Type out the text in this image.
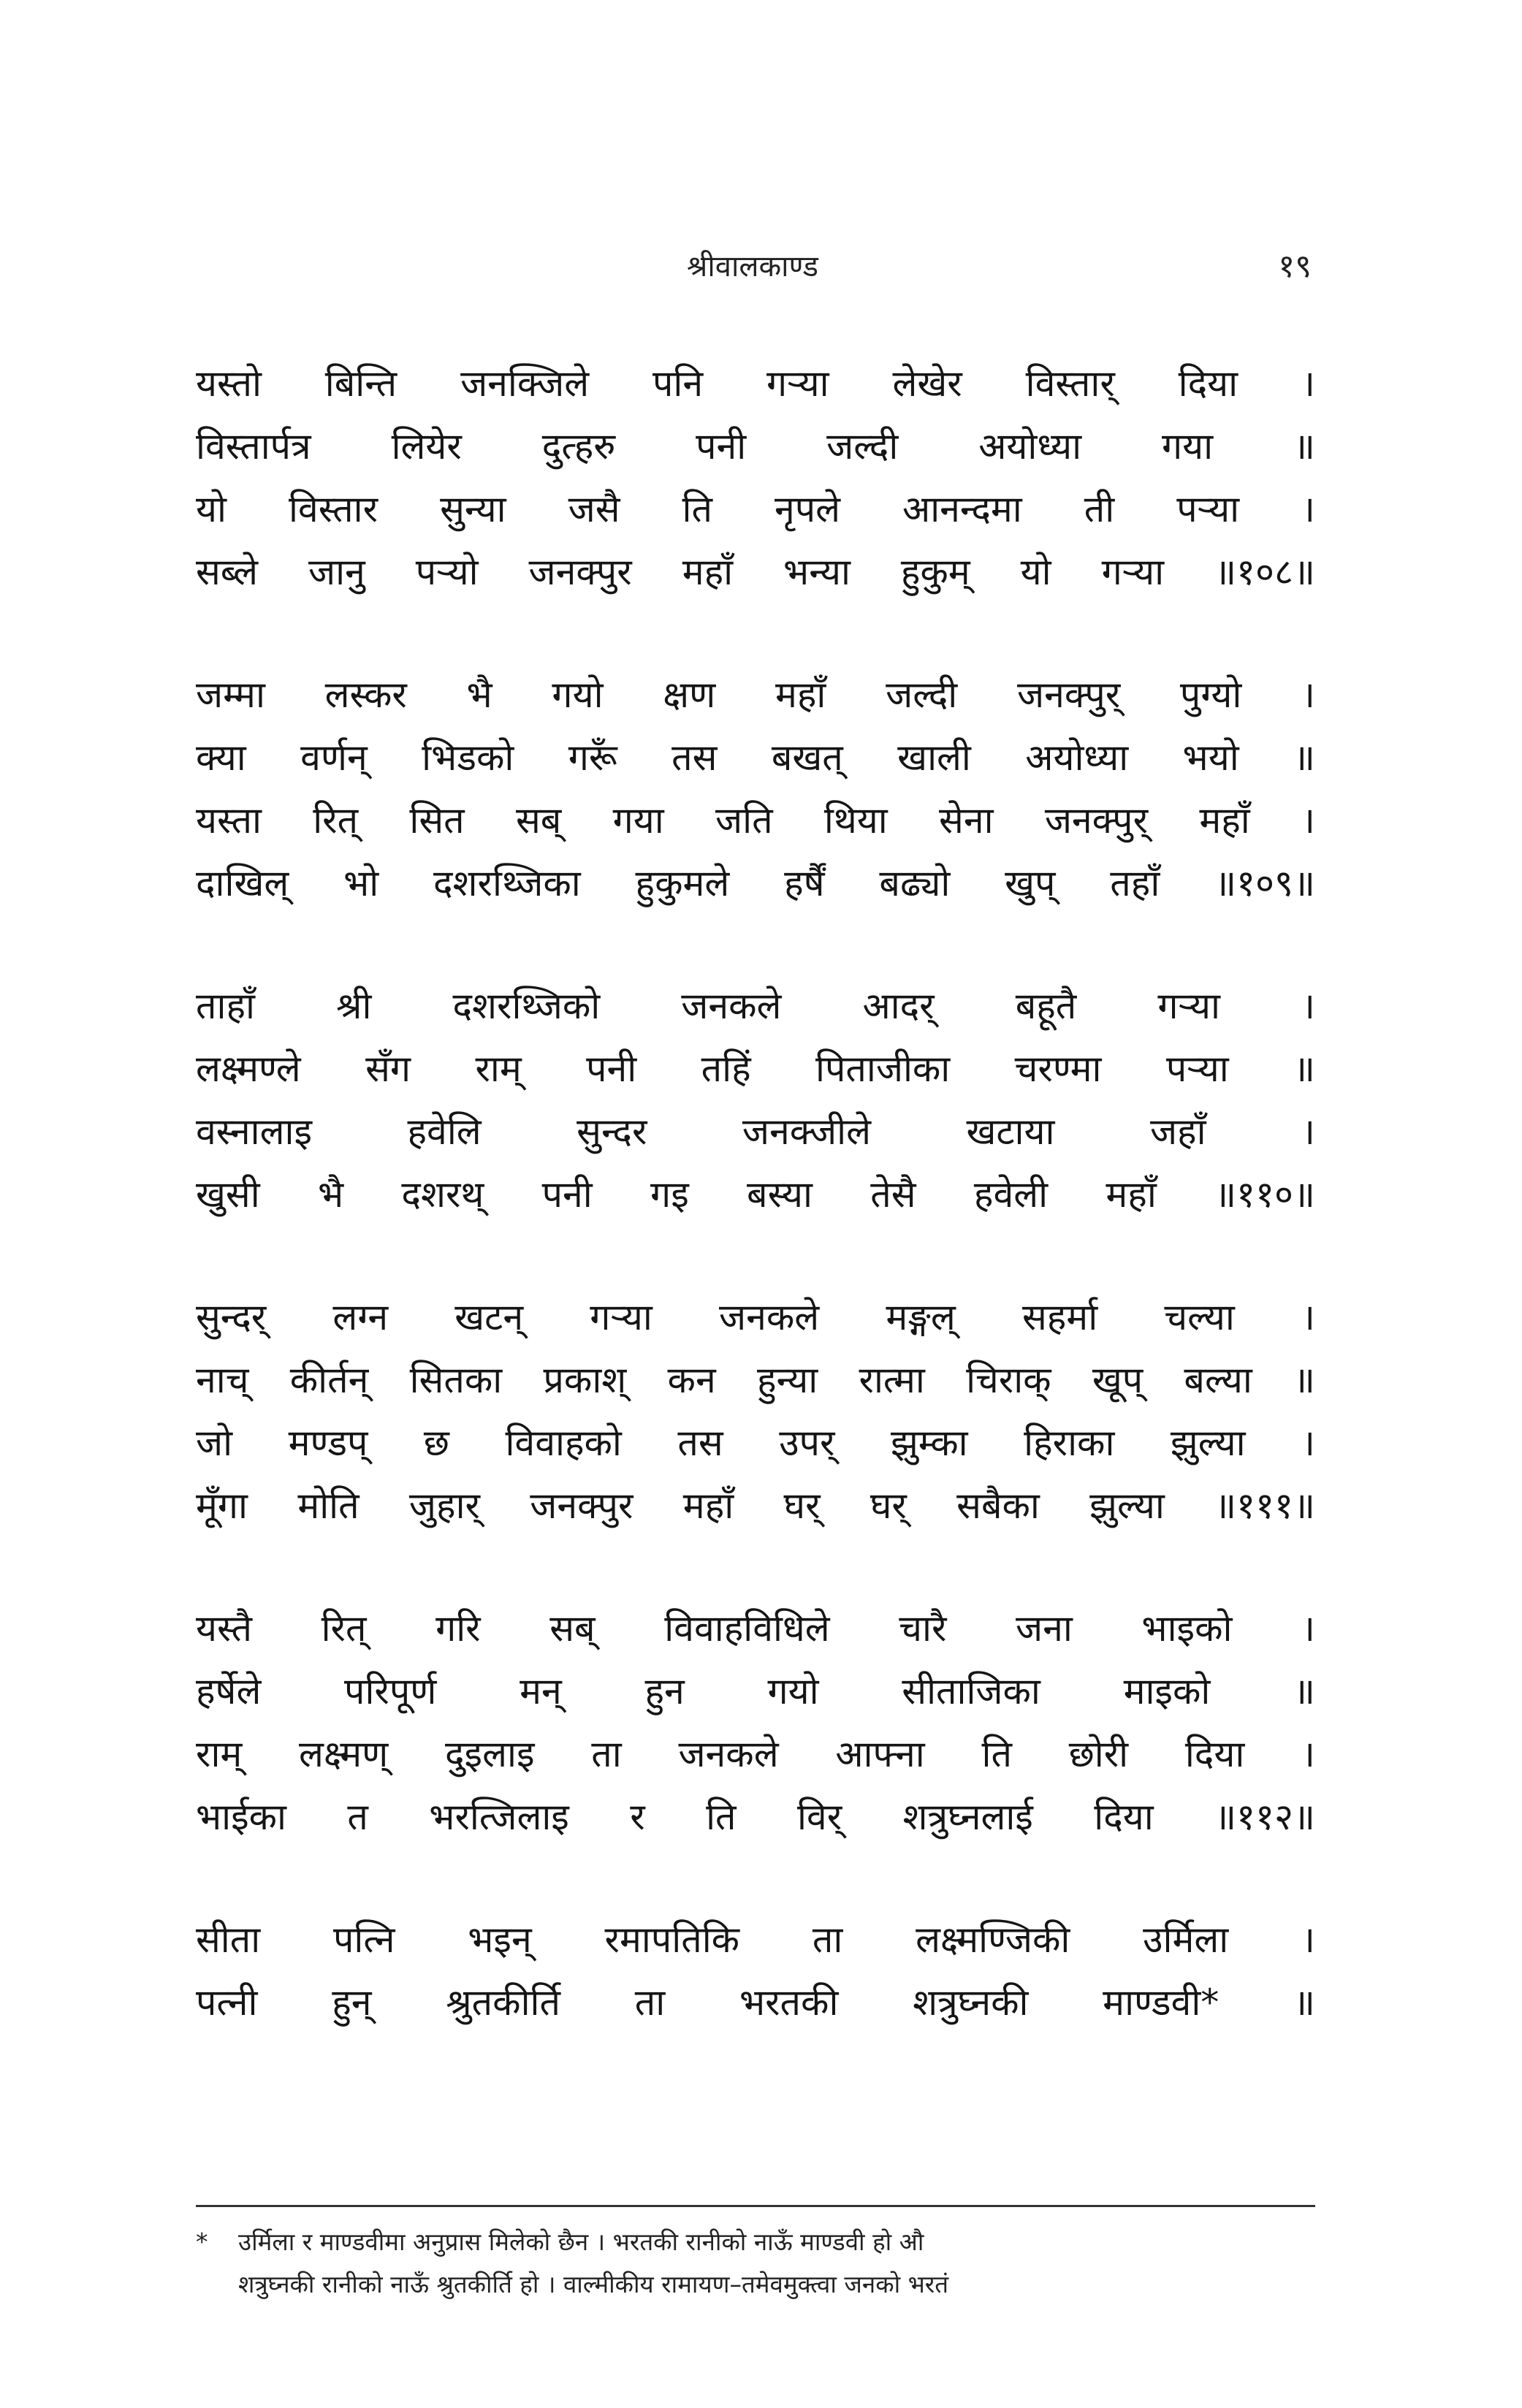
श्रीवालकाण्ड	१९
यस्तो बिन्ति जनक्जिले पनि गऱ्या लेखेर विस्तार् दिया ।
विस्तार्पत्र लियेर दुत्हरु पनी जल्दी अयोध्या गया ॥
यो विस्तार सुन्या जसै ति नृपले आनन्दमा ती पऱ्या ।
सब्ले जानु पऱ्यो जनक्पुर महाँ भन्या हुकुम् यो गऱ्या ॥१०८॥
जम्मा लस्कर भै गयो क्षण महाँ जल्दी जनक्पुर् पुग्यो ।
क्या वर्णन् भिडको गरूँ तस बखत् खाली अयोध्या भयो ॥
यस्ता रित् सित सब् गया जति थिया सेना जनक्पुर् महाँ ।
दाखिल् भो दशरथ्जिका हुकुमले हर्षैं बढ्यो खुप् तहाँ ॥१०९॥
ताहाँ श्री दशरथ्जिको जनकले आदर् बहूतै गऱ्या ।
लक्ष्मण्ले सँग राम् पनी तहिं पिताजीका चरण्मा पऱ्या ॥
वस्नालाइ हवेलि सुन्दर जनक्जीले खटाया जहाँ ।
खुसी भै दशरथ् पनी गइ बस्या तेसै हवेली महाँ ॥११०॥
सुन्दर् लग्न खटन् गऱ्या जनकले मङ्गल् सहर्मा चल्या ।
नाच् कीर्तन् सितका प्रकाश् कन हुन्या रात्मा चिराक् खूप् बल्या ॥
जो मण्डप् छ विवाहको तस उपर् झुम्का हिराका झुल्या ।
मूँगा मोति जुहार् जनक्पुर महाँ घर् घर् सबैका झुल्या ॥१११॥
यस्तै रित् गरि सब् विवाहविधिले चारै जना भाइको ।
हर्षेले परिपूर्ण मन् हुन गयो सीताजिका माइको ॥
राम् लक्ष्मण् दुइलाइ ता जनकले आफ्ना ति छोरी दिया ।
भाईका त भरत्जिलाइ र ति विर् शत्रुघ्नलाई दिया ॥११२॥
सीता पत्नि भइन् रमापतिकि ता लक्ष्मण्जिकी उर्मिला ।
पत्नी हुन् श्रुतकीर्ति ता भरतकी शत्रुघ्नकी माण्डवी* ॥
* उर्मिला र माण्डवीमा अनुप्रास मिलेको छैन । भरतकी रानीको नाऊँ माण्डवी हो औ
शत्रुघ्नकी रानीको नाऊँ श्रुतकीर्ति हो । वाल्मीकीय रामायण–तमेवमुक्त्वा जनको भरतं
